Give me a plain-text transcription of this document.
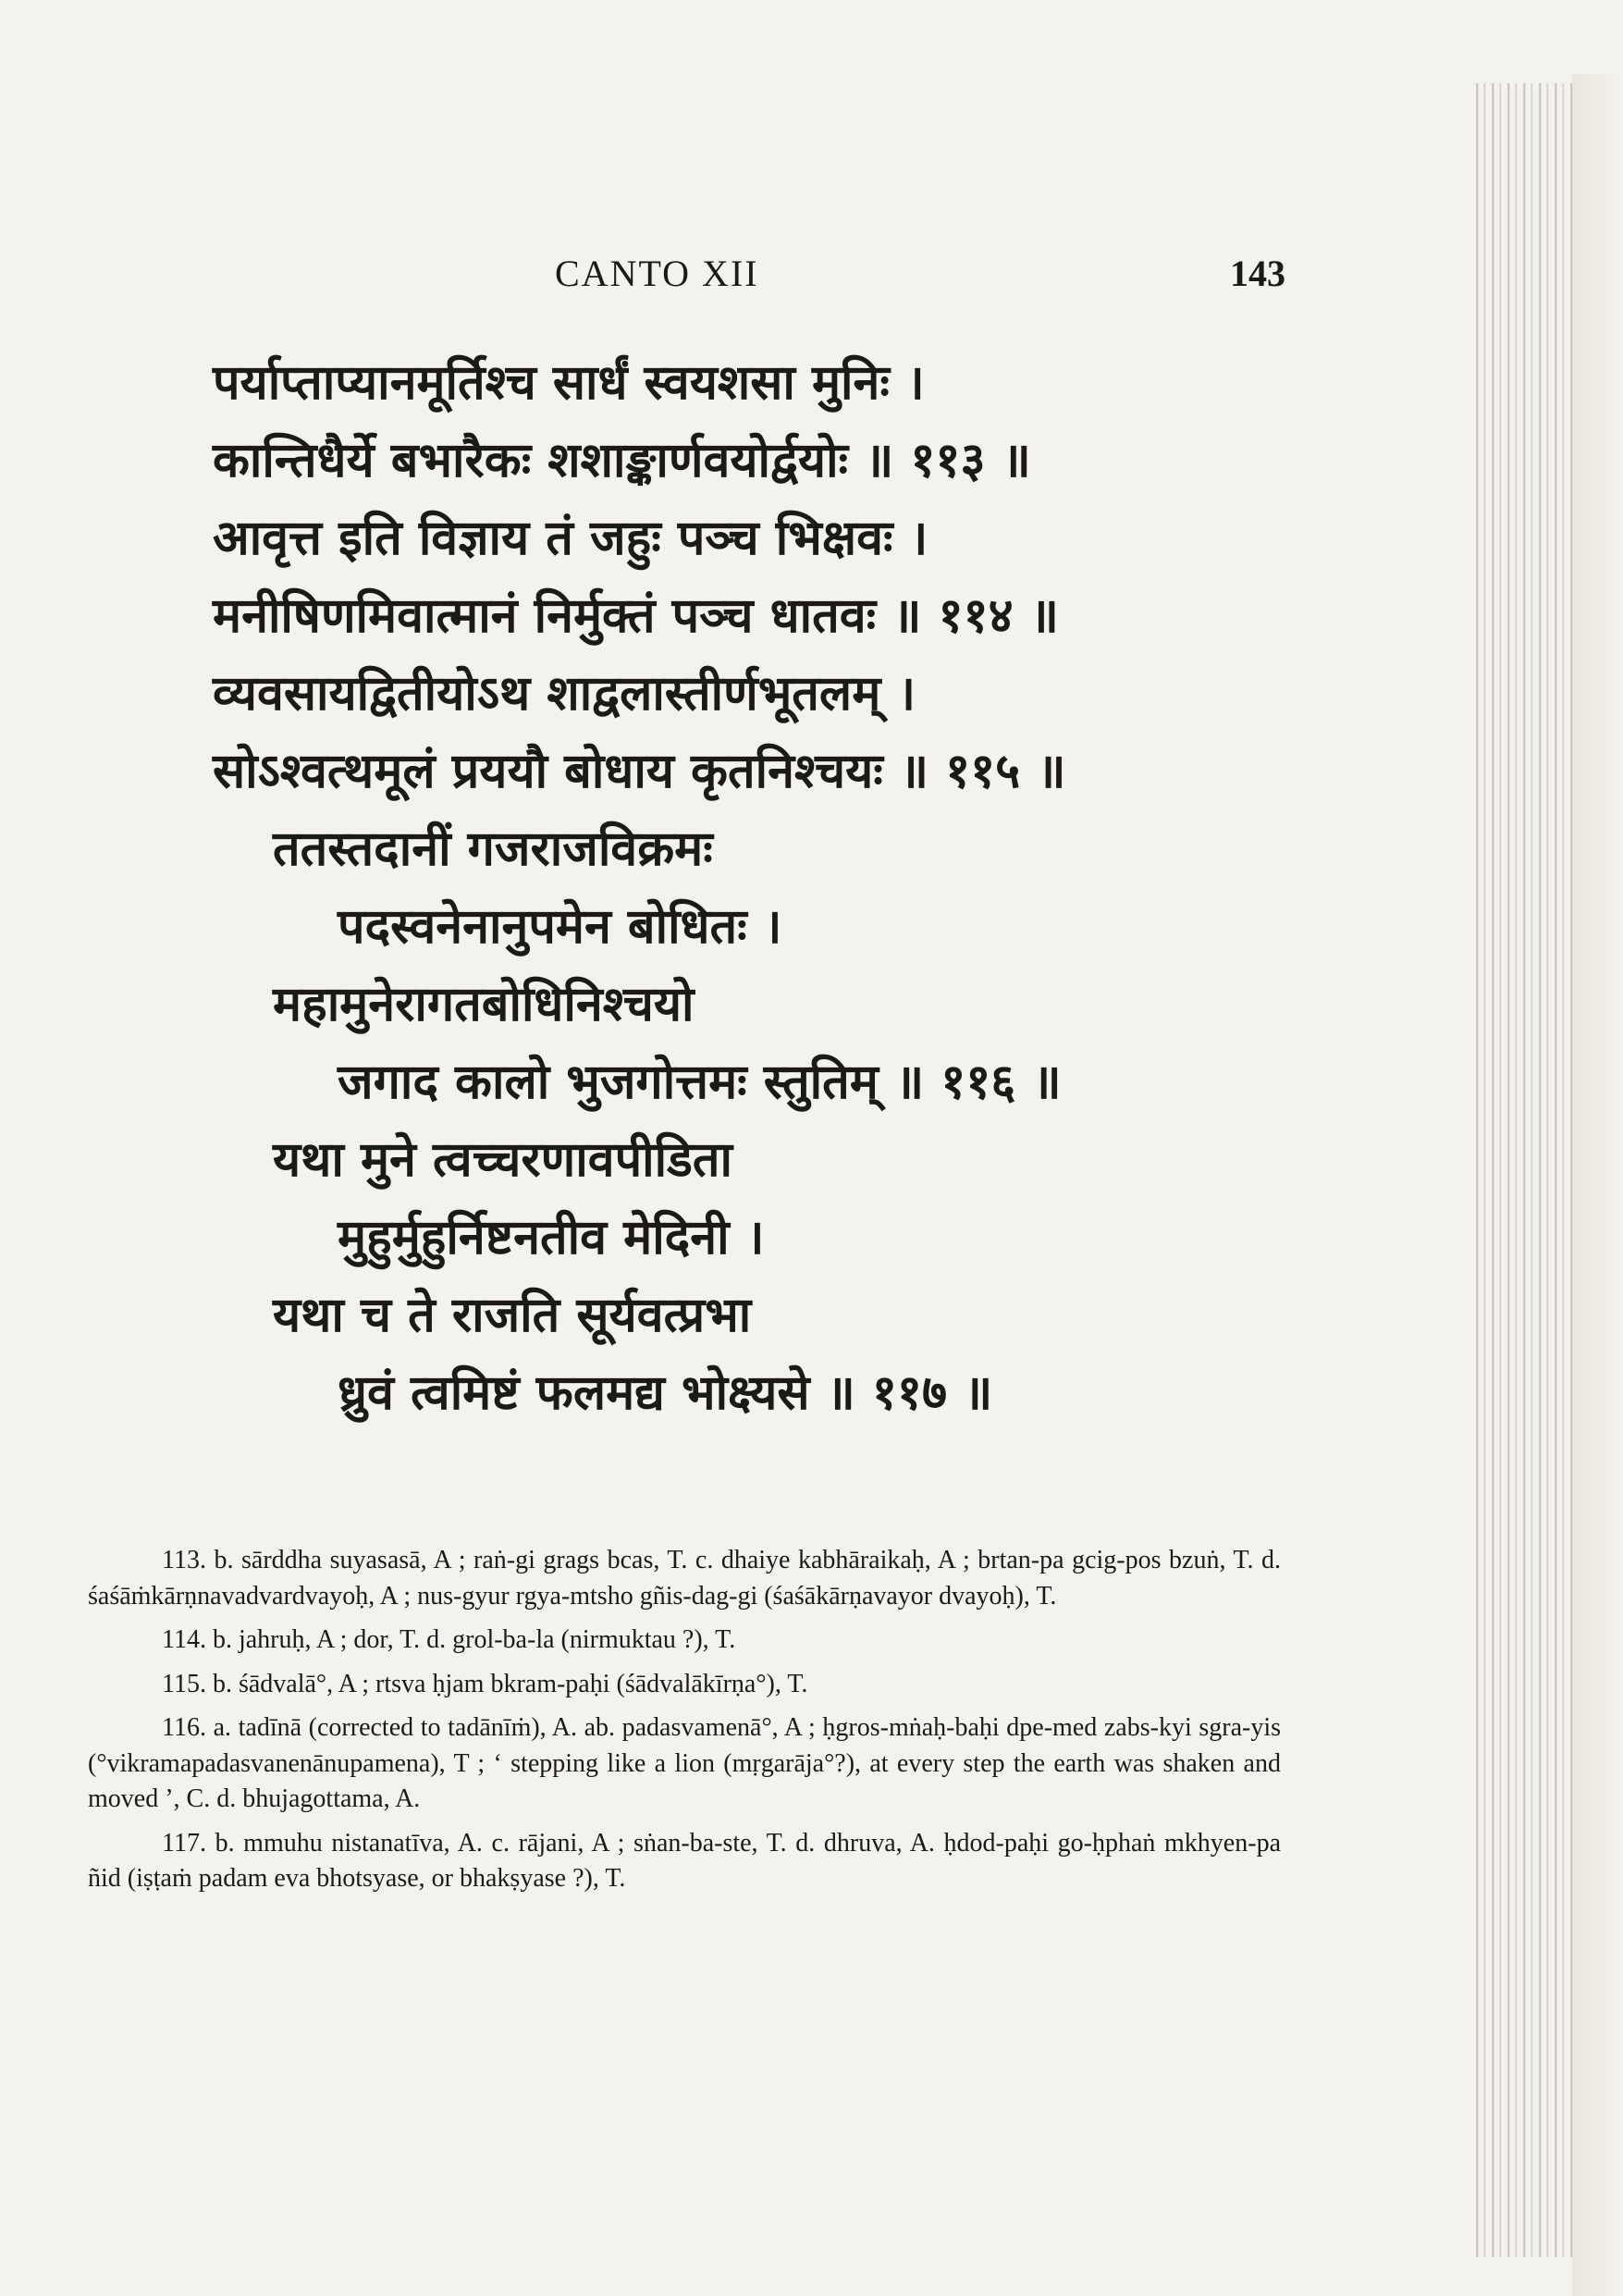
CANTO XII	143
पर्याप्ताप्यानमूर्तिश्च सार्धं स्वयशसा मुनिः ।
कान्तिधैर्ये बभारैकः शशाङ्कार्णवयोर्द्वयोः ॥ ११३ ॥
आवृत्त इति विज्ञाय तं जहुः पञ्च भिक्षवः ।
मनीषिणमिवात्मानं निर्मुक्तं पञ्च धातवः ॥ ११४ ॥
व्यवसायद्वितीयोऽथ शाद्वलास्तीर्णभूतलम् ।
सोऽश्वत्थमूलं प्रययौ बोधाय कृतनिश्चयः ॥ ११५ ॥
ततस्तदानीं गजराजविक्रमः
पदस्वनेनानुपमेन बोधितः ।
महामुनेरागतबोधिनिश्चयो
जगाद कालो भुजगोत्तमः स्तुतिम् ॥ ११६ ॥
यथा मुने त्वच्चरणावपीडिता
मुहुर्मुहुर्निष्टनतीव मेदिनी ।
यथा च ते राजति सूर्यवत्प्रभा
ध्रुवं त्वमिष्टं फलमद्य भोक्ष्यसे ॥ ११७ ॥

113. b. sārddha suyasasā, A ; raṅ-gi grags bcas, T. c. dhaiye kabhāraikaḥ, A ; brtan-pa gcig-pos bzuṅ, T. d. śaśāṁkārṇnavadvardvayoḥ, A ; nus-gyur rgya-mtsho gñis-dag-gi (śaśākārṇavayor dvayoḥ), T.

114. b. jahruḥ, A ; dor, T. d. grol-ba-la (nirmuktau ?), T.

115. b. śādvalā°, A ; rtsva ḥjam bkram-paḥi (śādvalākīrṇa°), T.

116. a. tadīnā (corrected to tadānīṁ), A. ab. padasvamenā°, A ; ḥgros-mṅaḥ-baḥi dpe-med zabs-kyi sgra-yis (°vikramapadasvanenānupamena), T ; ‘ stepping like a lion (mṛgarāja°?), at every step the earth was shaken and moved ’, C. d. bhujagottama, A.

117. b. mmuhu nistanatīva, A. c. rājani, A ; sṅan-ba-ste, T. d. dhruva, A. ḥdod-paḥi go-ḥphaṅ mkhyen-pa ñid (iṣṭaṁ padam eva bhotsyase, or bhakṣyase ?), T.
